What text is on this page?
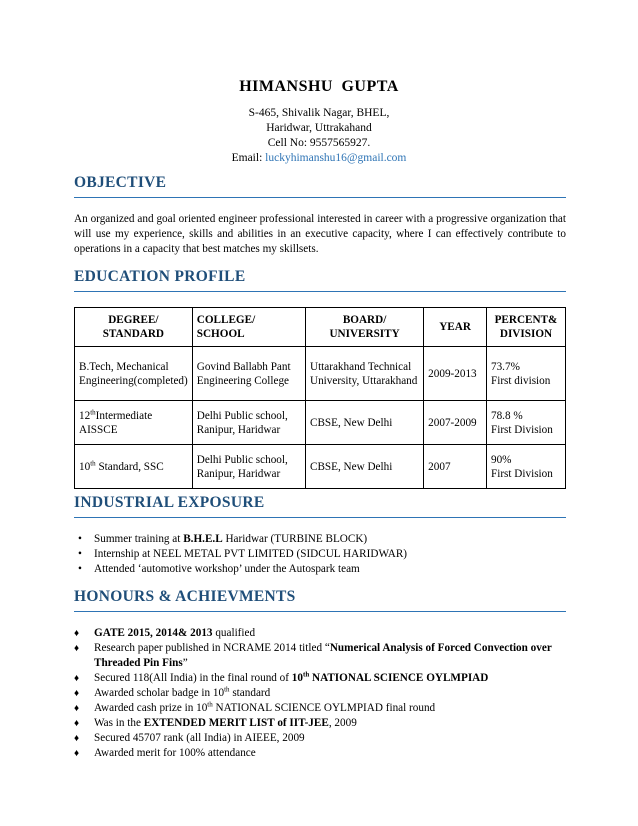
HIMANSHU GUPTA
S-465, Shivalik Nagar, BHEL,
Haridwar, Uttrakahand
Cell No: 9557565927.
Email: luckyhimanshu16@gmail.com
OBJECTIVE
An organized and goal oriented engineer professional interested in career with a progressive organization that will use my experience, skills and abilities in an executive capacity, where I can effectively contribute to operations in a capacity that best matches my skillsets.
EDUCATION PROFILE
DEGREE/ STANDARD	COLLEGE/ SCHOOL	BOARD/ UNIVERSITY	YEAR	PERCENT& DIVISION
B.Tech, Mechanical Engineering(completed)	Govind Ballabh Pant Engineering College	Uttarakhand Technical University, Uttarakhand	2009-2013	73.7%
First division

12thIntermediate AISSCE	Delhi Public school, Ranipur, Haridwar	CBSE, New Delhi	2007-2009	78.8 %
First Division

10th Standard, SSC	Delhi Public school, Ranipur, Haridwar	CBSE, New Delhi	2007	90%
First Division
INDUSTRIAL EXPOSURE
• Summer training at B.H.E.L Haridwar (TURBINE BLOCK)
• Internship at NEEL METAL PVT LIMITED (SIDCUL HARIDWAR)
• Attended ‘automotive workshop’ under the Autospark team
HONOURS & ACHIEVMENTS
♦ GATE 2015, 2014& 2013 qualified
♦ Research paper published in NCRAME 2014 titled “Numerical Analysis of Forced Convection over Threaded Pin Fins”
♦ Secured 118(All India) in the final round of 10th NATIONAL SCIENCE OYLMPIAD
♦ Awarded scholar badge in 10th standard
♦ Awarded cash prize in 10th NATIONAL SCIENCE OYLMPIAD final round
♦ Was in the EXTENDED MERIT LIST of IIT-JEE, 2009
♦ Secured 45707 rank (all India) in AIEEE, 2009
♦ Awarded merit for 100% attendance
